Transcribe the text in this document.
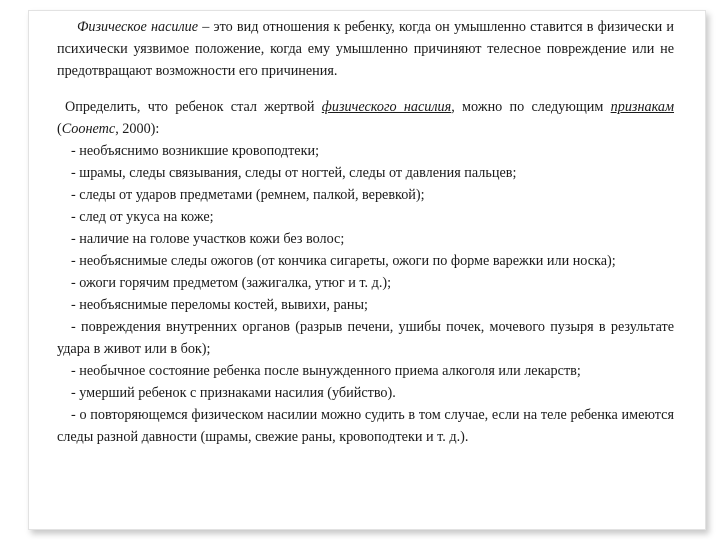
Физическое насилие – это вид отношения к ребенку, когда он умышленно ставится в физически и психически уязвимое положение, когда ему умышленно причиняют телесное повреждение или не предотвращают возможности его причинения.

Определить, что ребенок стал жертвой физического насилия, можно по следующим признакам (Соонетс, 2000):

- необъяснимо возникшие кровоподтеки;

- шрамы, следы связывания, следы от ногтей, следы от давления пальцев;

- следы от ударов предметами (ремнем, палкой, веревкой);

- след от укуса на коже;

- наличие на голове участков кожи без волос;

- необъяснимые следы ожогов (от кончика сигареты, ожоги по форме варежки или носка);

- ожоги горячим предметом (зажигалка, утюг и т. д.);

- необъяснимые переломы костей, вывихи, раны;

- повреждения внутренних органов (разрыв печени, ушибы почек, мочевого пузыря в результате удара в живот или в бок);

- необычное состояние ребенка после вынужденного приема алкоголя или лекарств;

- умерший ребенок с признаками насилия (убийство).

- о повторяющемся физическом насилии можно судить в том случае, если на теле ребенка имеются следы разной давности (шрамы, свежие раны, кровоподтеки и т. д.).
